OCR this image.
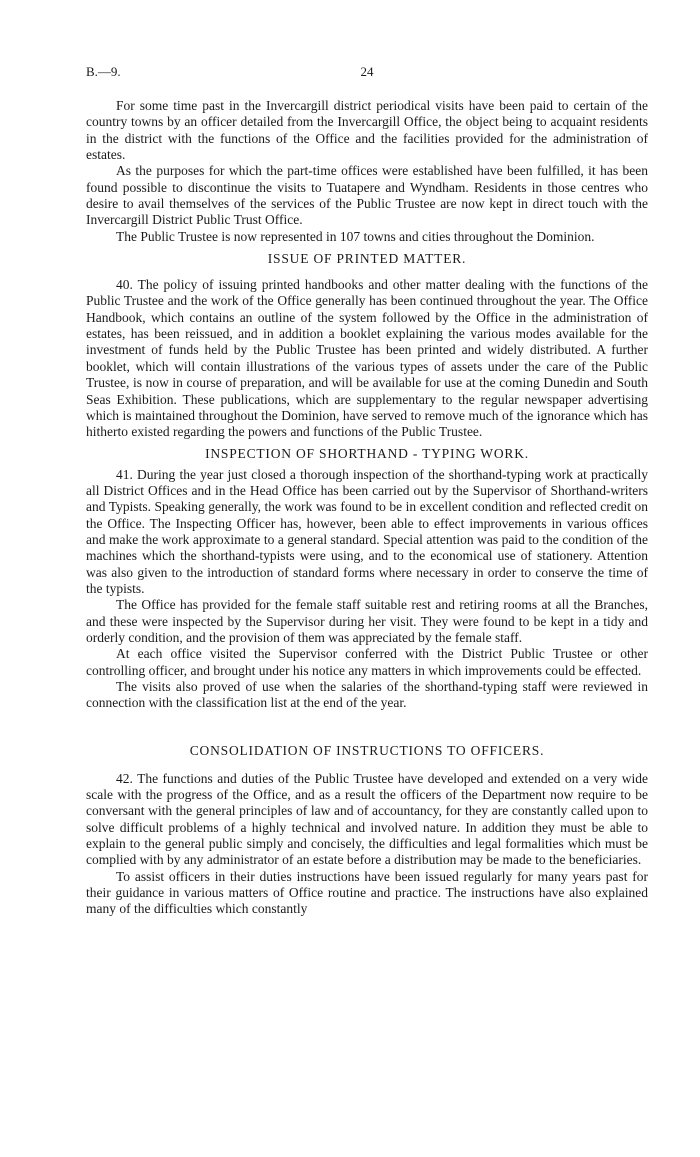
B.—9.	24

For some time past in the Invercargill district periodical visits have been paid to certain of the country towns by an officer detailed from the Invercargill Office, the object being to acquaint residents in the district with the functions of the Office and the facilities provided for the administration of estates.

As the purposes for which the part-time offices were established have been fulfilled, it has been found possible to discontinue the visits to Tuatapere and Wyndham. Residents in those centres who desire to avail themselves of the services of the Public Trustee are now kept in direct touch with the Invercargill District Public Trust Office.

The Public Trustee is now represented in 107 towns and cities throughout the Dominion.

ISSUE OF PRINTED MATTER.

40. The policy of issuing printed handbooks and other matter dealing with the functions of the Public Trustee and the work of the Office generally has been continued throughout the year. The Office Handbook, which contains an outline of the system followed by the Office in the administration of estates, has been reissued, and in addition a booklet explaining the various modes available for the investment of funds held by the Public Trustee has been printed and widely distributed. A further booklet, which will contain illustrations of the various types of assets under the care of the Public Trustee, is now in course of preparation, and will be available for use at the coming Dunedin and South Seas Exhibition. These publications, which are supplementary to the regular newspaper advertising which is maintained throughout the Dominion, have served to remove much of the ignorance which has hitherto existed regarding the powers and functions of the Public Trustee.

INSPECTION OF SHORTHAND - TYPING WORK.

41. During the year just closed a thorough inspection of the shorthand-typing work at practically all District Offices and in the Head Office has been carried out by the Supervisor of Shorthand-writers and Typists. Speaking generally, the work was found to be in excellent condition and reflected credit on the Office. The Inspecting Officer has, however, been able to effect improvements in various offices and make the work approximate to a general standard. Special attention was paid to the condition of the machines which the shorthand-typists were using, and to the economical use of stationery. Attention was also given to the introduction of standard forms where necessary in order to conserve the time of the typists.

The Office has provided for the female staff suitable rest and retiring rooms at all the Branches, and these were inspected by the Supervisor during her visit. They were found to be kept in a tidy and orderly condition, and the provision of them was appreciated by the female staff.

At each office visited the Supervisor conferred with the District Public Trustee or other controlling officer, and brought under his notice any matters in which improvements could be effected.

The visits also proved of use when the salaries of the shorthand-typing staff were reviewed in connection with the classification list at the end of the year.

CONSOLIDATION OF INSTRUCTIONS TO OFFICERS.

42. The functions and duties of the Public Trustee have developed and extended on a very wide scale with the progress of the Office, and as a result the officers of the Department now require to be conversant with the general principles of law and of accountancy, for they are constantly called upon to solve difficult problems of a highly technical and involved nature. In addition they must be able to explain to the general public simply and concisely, the difficulties and legal formalities which must be complied with by any administrator of an estate before a distribution may be made to the beneficiaries.

To assist officers in their duties instructions have been issued regularly for many years past for their guidance in various matters of Office routine and practice. The instructions have also explained many of the difficulties which constantly
